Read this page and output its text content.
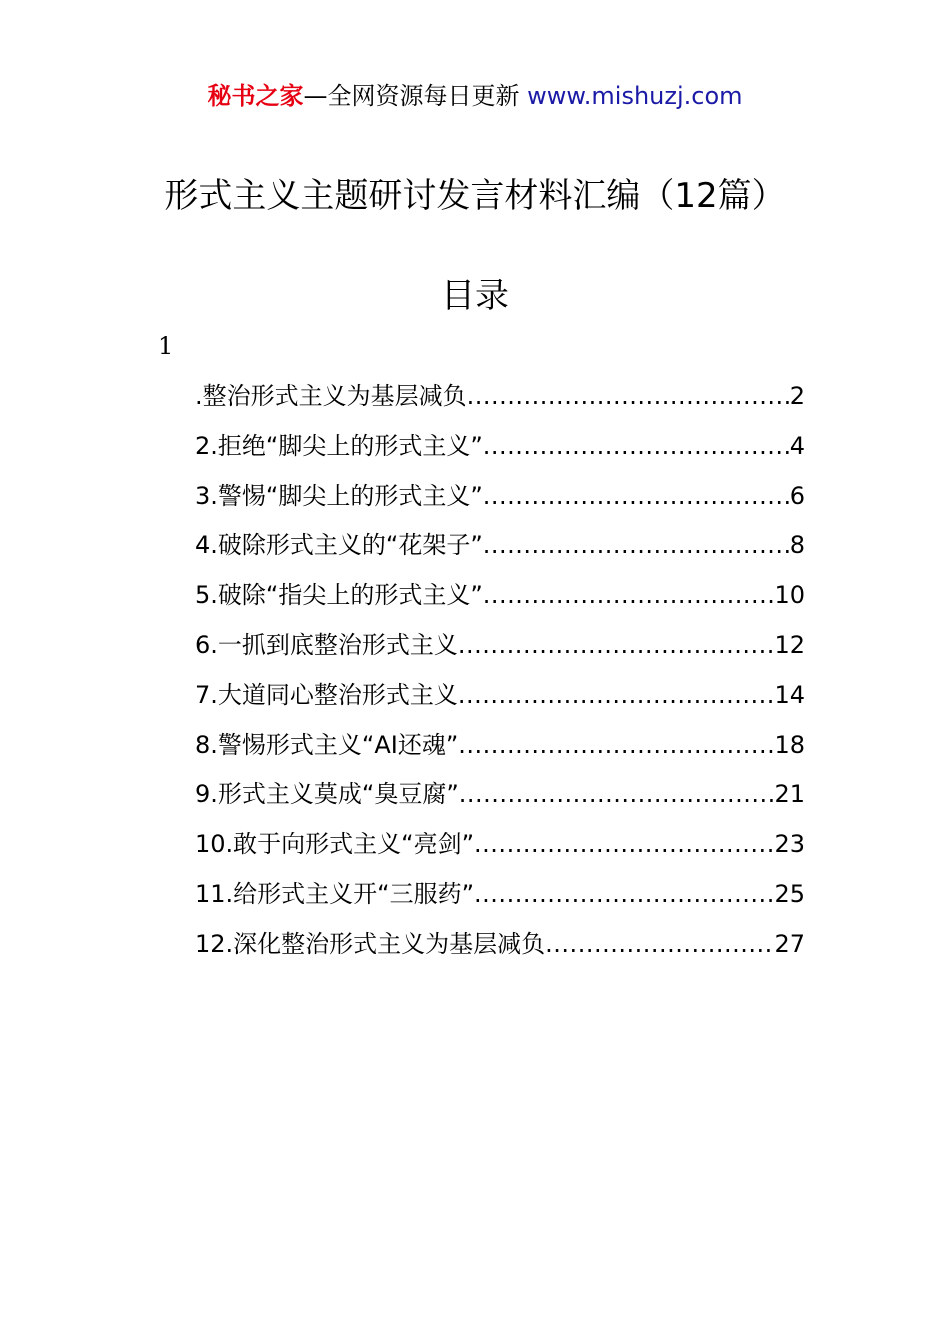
秘书之家—全网资源每日更新 www.mishuzj.com
形式主义主题研讨发言材料汇编（12篇）
目录
1
.整治形式主义为基层减负 .....	2
2.拒绝“脚尖上的形式主义” .....	4
3.警惕“脚尖上的形式主义” .....	6
4.破除形式主义的“花架子” .....	8
5.破除“指尖上的形式主义” .....	10
6.一抓到底整治形式主义 .....	12
7.大道同心整治形式主义 .....	14
8.警惕形式主义“AI还魂” .....	18
9.形式主义莫成“臭豆腐” .....	21
10.敢于向形式主义“亮剑” .....	23
11.给形式主义开“三服药” .....	25
12.深化整治形式主义为基层减负 .....	27
